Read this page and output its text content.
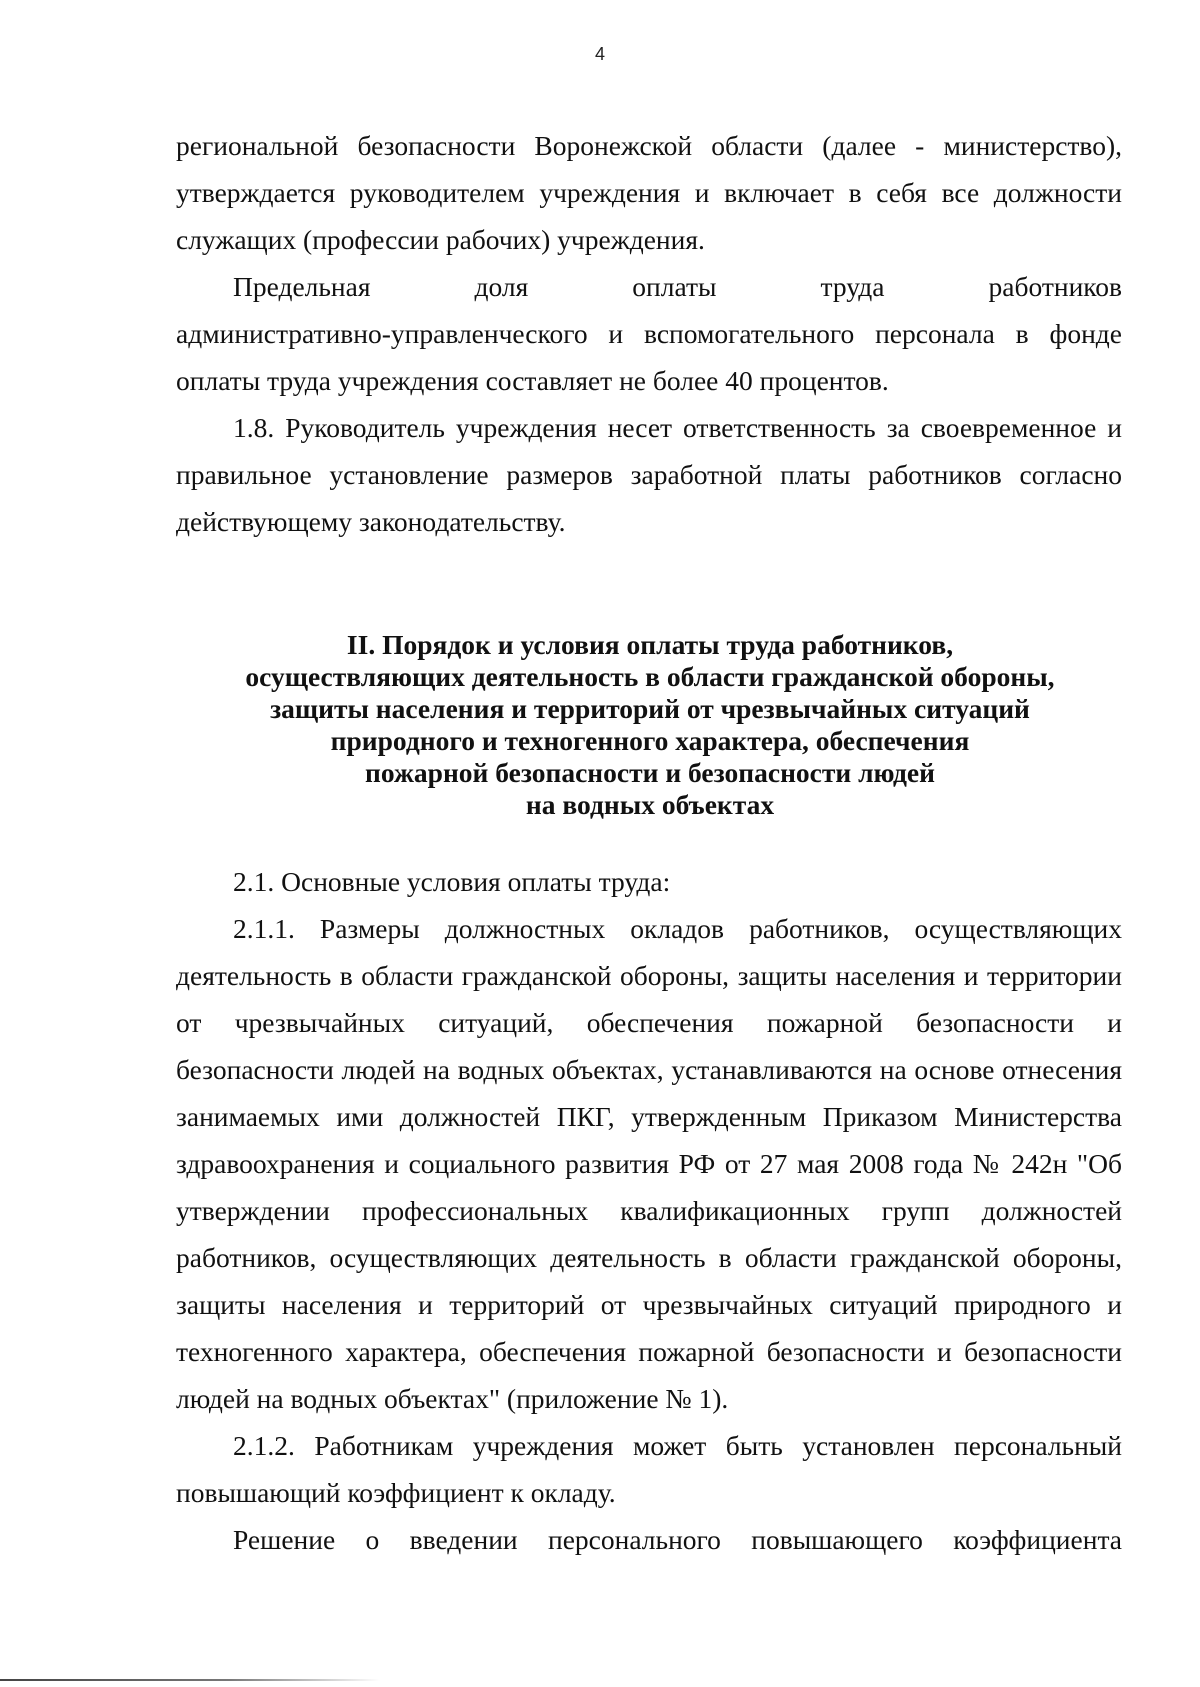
4

региональной безопасности Воронежской области (далее - министерство), утверждается руководителем учреждения и включает в себя все должности служащих (профессии рабочих) учреждения.

Предельная доля оплаты труда работников

административно-управленческого и вспомогательного персонала в фонде оплаты труда учреждения составляет не более 40 процентов.

1.8. Руководитель учреждения несет ответственность за своевременное и правильное установление размеров заработной платы работников согласно действующему законодательству.

II. Порядок и условия оплаты труда работников,
осуществляющих деятельность в области гражданской обороны,
защиты населения и территорий от чрезвычайных ситуаций
природного и техногенного характера, обеспечения
пожарной безопасности и безопасности людей
на водных объектах

2.1. Основные условия оплаты труда:

2.1.1. Размеры должностных окладов работников, осуществляющих деятельность в области гражданской обороны, защиты населения и территории от чрезвычайных ситуаций, обеспечения пожарной безопасности и безопасности людей на водных объектах, устанавливаются на основе отнесения занимаемых ими должностей ПКГ, утвержденным Приказом Министерства здравоохранения и социального развития РФ от 27 мая 2008 года № 242н "Об утверждении профессиональных квалификационных групп должностей работников, осуществляющих деятельность в области гражданской обороны, защиты населения и территорий от чрезвычайных ситуаций природного и техногенного характера, обеспечения пожарной безопасности и безопасности людей на водных объектах" (приложение № 1).

2.1.2. Работникам учреждения может быть установлен персональный повышающий коэффициент к окладу.

Решение о введении персонального повышающего коэффициента
